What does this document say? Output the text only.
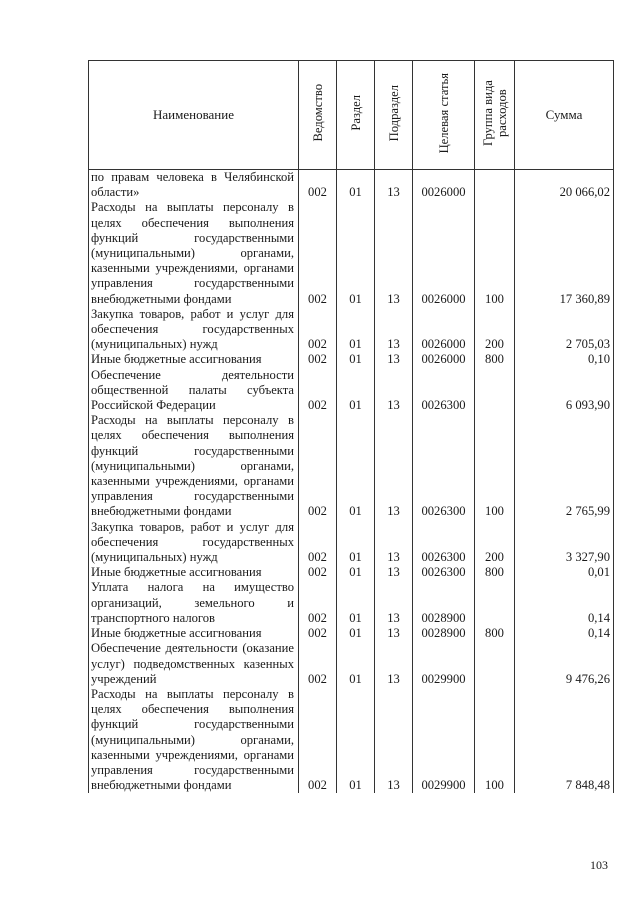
Наименование	Ведомство	Раздел	Подраздел	Целевая статья	Группа вида расходов	Сумма
по правам человека в Челябинской области»	002	01	13	0026000		20 066,02
Расходы на выплаты персоналу в целях обеспечения выполнения функций государственными (муниципальными) органами, казенными учреждениями, органами управления государственными внебюджетными фондами	002	01	13	0026000	100	17 360,89
Закупка товаров, работ и услуг для обеспечения государственных (муниципальных) нужд	002	01	13	0026000	200	2 705,03
Иные бюджетные ассигнования	002	01	13	0026000	800	0,10
Обеспечение деятельности общественной палаты субъекта Российской Федерации	002	01	13	0026300		6 093,90
Расходы на выплаты персоналу в целях обеспечения выполнения функций государственными (муниципальными) органами, казенными учреждениями, органами управления государственными внебюджетными фондами	002	01	13	0026300	100	2 765,99
Закупка товаров, работ и услуг для обеспечения государственных (муниципальных) нужд	002	01	13	0026300	200	3 327,90
Иные бюджетные ассигнования	002	01	13	0026300	800	0,01
Уплата налога на имущество организаций, земельного и транспортного налогов	002	01	13	0028900		0,14
Иные бюджетные ассигнования	002	01	13	0028900	800	0,14
Обеспечение деятельности (оказание услуг) подведомственных казенных учреждений	002	01	13	0029900		9 476,26
Расходы на выплаты персоналу в целях обеспечения выполнения функций государственными (муниципальными) органами, казенными учреждениями, органами управления государственными внебюджетными фондами	002	01	13	0029900	100	7 848,48
103
